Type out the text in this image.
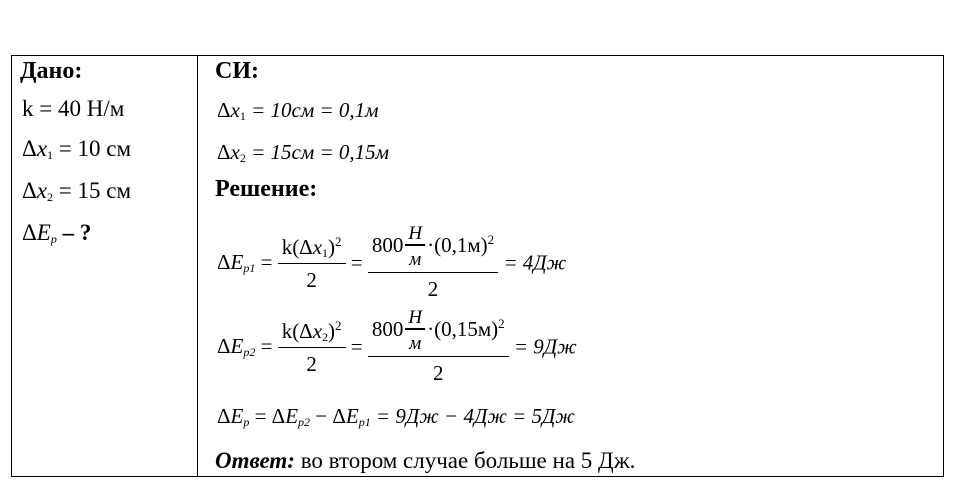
Дано:
k = 40 Н/м
$\Delta x_1 = 10$ см
$\Delta x_2 = 15$ см
$\Delta E_p$ – ?
СИ:
$\Delta x_1 = 10см = 0,1м$
$\Delta x_2 = 15см = 0,15м$
Решение:
$\Delta E_{p1} = \frac{k(\Delta x_1)^2}{2} = \frac{800 \frac{Н}{м} \cdot(0,1м)^2}{2} = 4Дж$
$\Delta E_{p2} = \frac{k(\Delta x_2)^2}{2} = \frac{800 \frac{Н}{м} \cdot(0,15м)^2}{2} = 9Дж$
$\Delta E_p = \Delta E_{p2} - \Delta E_{p1} = 9Дж - 4Дж = 5Дж$
Ответ: во втором случае больше на 5 Дж.
